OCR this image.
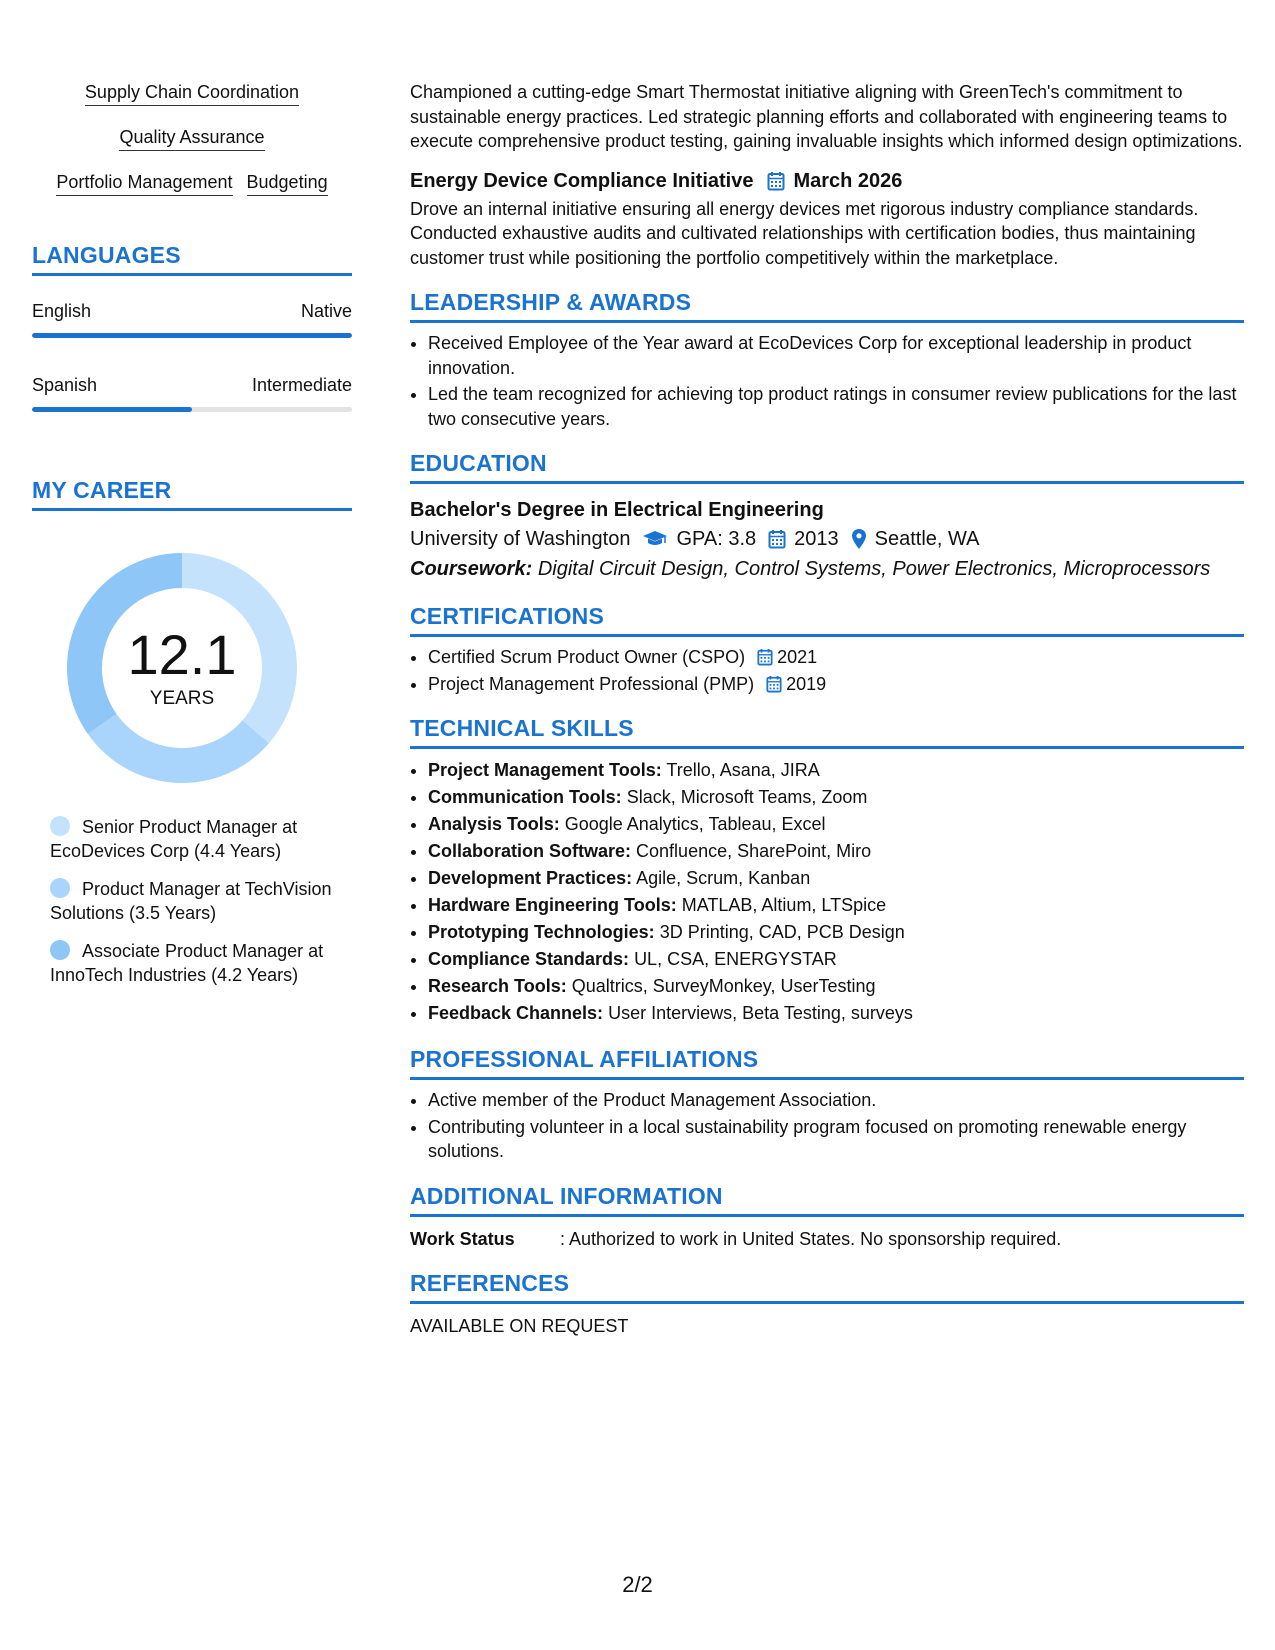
Supply Chain Coordination
Quality Assurance
Portfolio Management Budgeting
LANGUAGES
English	Native
Spanish	Intermediate
MY CAREER
12.1
YEARS
Senior Product Manager at EcoDevices Corp (4.4 Years)
Product Manager at TechVision Solutions (3.5 Years)
Associate Product Manager at InnoTech Industries (4.2 Years)
Championed a cutting-edge Smart Thermostat initiative aligning with GreenTech's commitment to sustainable energy practices. Led strategic planning efforts and collaborated with engineering teams to execute comprehensive product testing, gaining invaluable insights which informed design optimizations.
Energy Device Compliance Initiative March 2026
Drove an internal initiative ensuring all energy devices met rigorous industry compliance standards. Conducted exhaustive audits and cultivated relationships with certification bodies, thus maintaining customer trust while positioning the portfolio competitively within the marketplace.
LEADERSHIP & AWARDS
• Received Employee of the Year award at EcoDevices Corp for exceptional leadership in product innovation.
• Led the team recognized for achieving top product ratings in consumer review publications for the last two consecutive years.
EDUCATION
Bachelor's Degree in Electrical Engineering
University of Washington GPA: 3.8 2013 Seattle, WA
Coursework: Digital Circuit Design, Control Systems, Power Electronics, Microprocessors
CERTIFICATIONS
• Certified Scrum Product Owner (CSPO) 2021
• Project Management Professional (PMP) 2019
TECHNICAL SKILLS
• Project Management Tools: Trello, Asana, JIRA
• Communication Tools: Slack, Microsoft Teams, Zoom
• Analysis Tools: Google Analytics, Tableau, Excel
• Collaboration Software: Confluence, SharePoint, Miro
• Development Practices: Agile, Scrum, Kanban
• Hardware Engineering Tools: MATLAB, Altium, LTSpice
• Prototyping Technologies: 3D Printing, CAD, PCB Design
• Compliance Standards: UL, CSA, ENERGYSTAR
• Research Tools: Qualtrics, SurveyMonkey, UserTesting
• Feedback Channels: User Interviews, Beta Testing, surveys
PROFESSIONAL AFFILIATIONS
• Active member of the Product Management Association.
• Contributing volunteer in a local sustainability program focused on promoting renewable energy solutions.
ADDITIONAL INFORMATION
Work Status	: Authorized to work in United States. No sponsorship required.
REFERENCES
AVAILABLE ON REQUEST
2/2
